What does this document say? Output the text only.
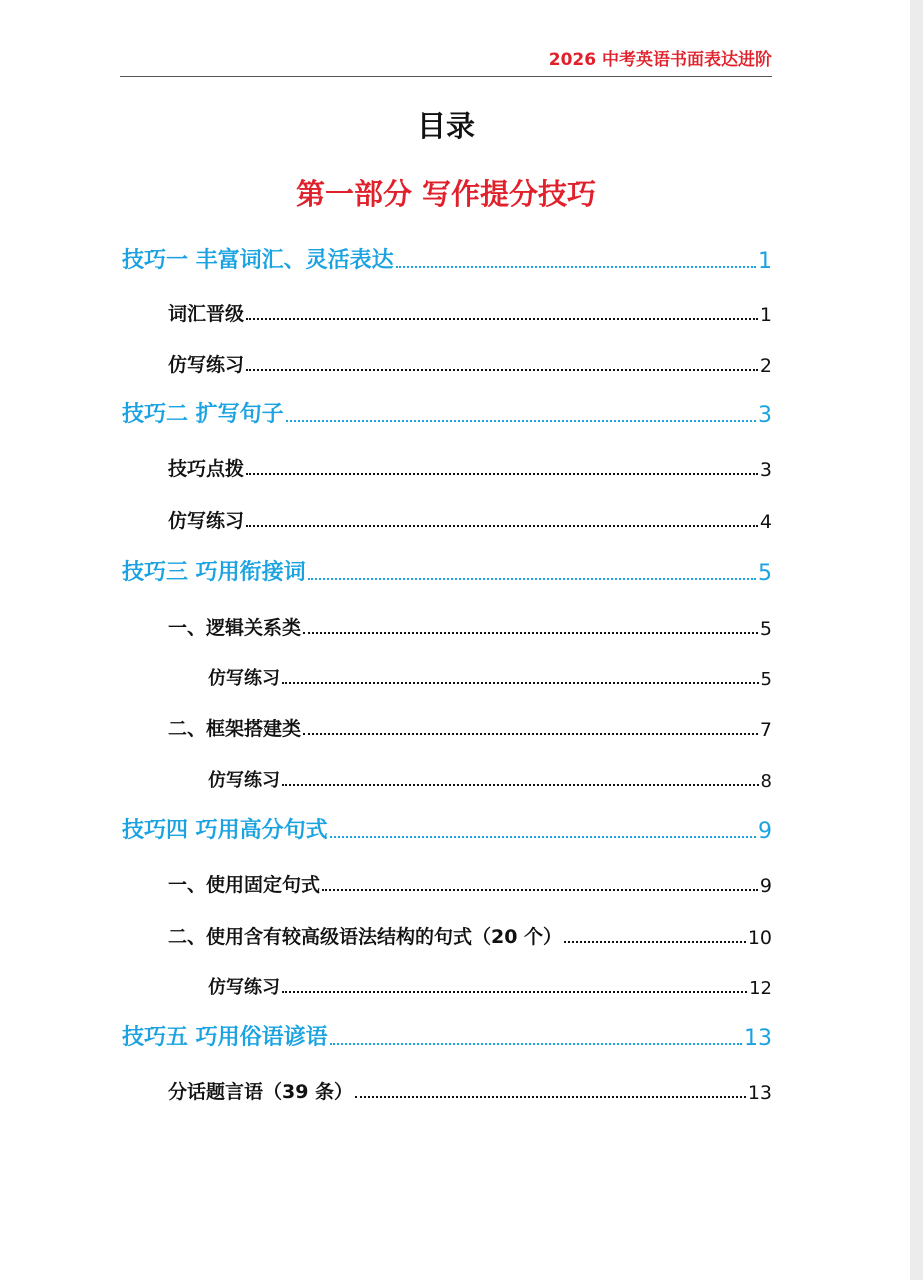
2026 中考英语书面表达进阶
目录
第一部分 写作提分技巧
技巧一 丰富词汇、灵活表达	1
词汇晋级	1
仿写练习	2
技巧二 扩写句子	3
技巧点拨	3
仿写练习	4
技巧三 巧用衔接词	5
一、逻辑关系类	5
仿写练习	5
二、框架搭建类	7
仿写练习	8
技巧四 巧用高分句式	9
一、使用固定句式	9
二、使用含有较高级语法结构的句式（20 个）	10
仿写练习	12
技巧五 巧用俗语谚语	13
分话题言语（39 条）	13
